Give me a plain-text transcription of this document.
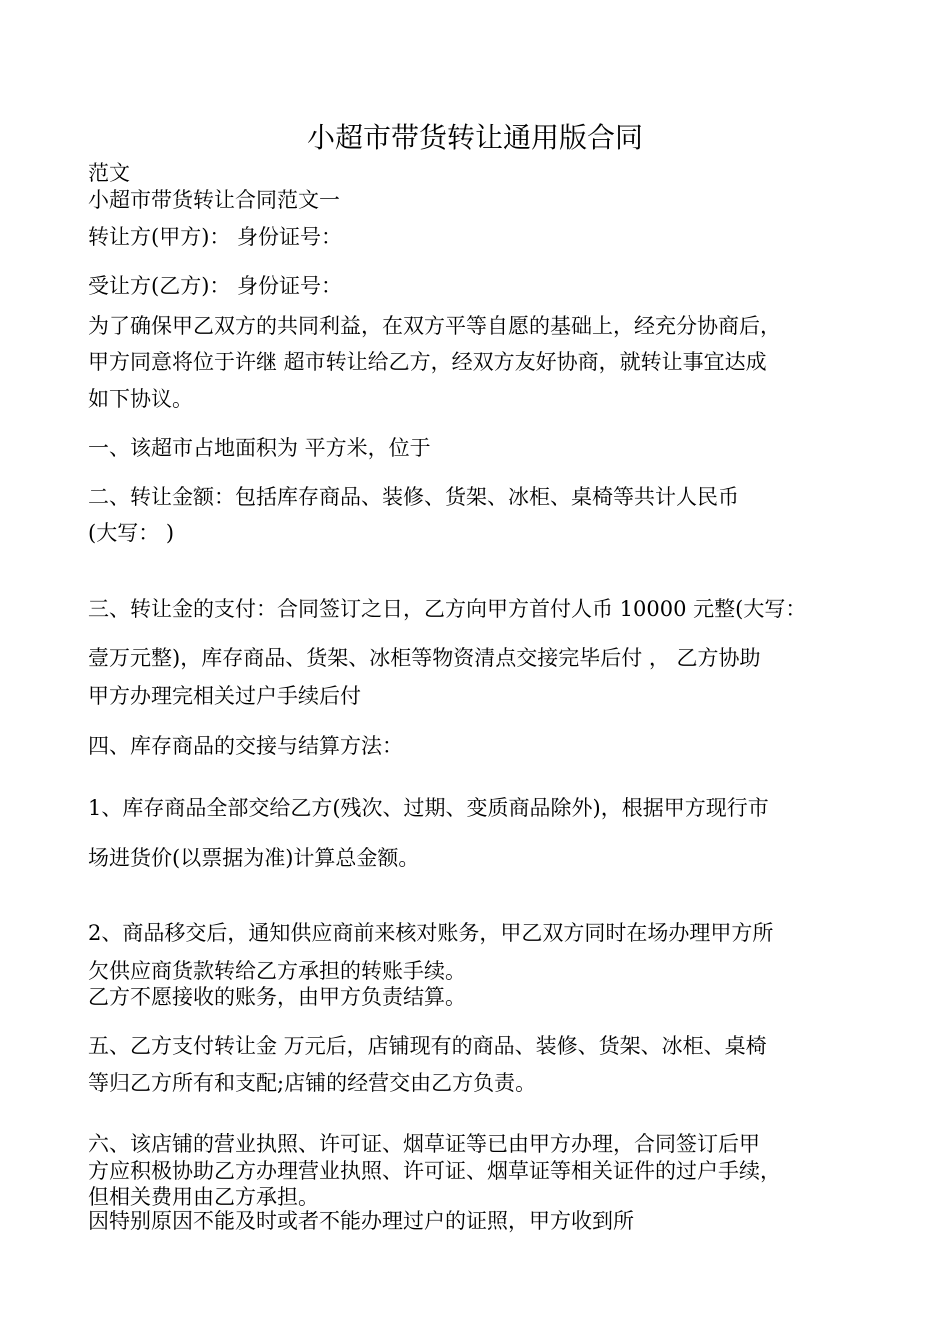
小超市带货转让通用版合同
范文
小超市带货转让合同范文一
转让方(甲方)： 身份证号：
受让方(乙方)： 身份证号：
为了确保甲乙双方的共同利益，在双方平等自愿的基础上，经充分协商后，
甲方同意将位于许继 超市转让给乙方，经双方友好协商，就转让事宜达成
如下协议。
一、该超市占地面积为 平方米，位于
二、转让金额：包括库存商品、装修、货架、冰柜、桌椅等共计人民币
(大写： )
三、转让金的支付：合同签订之日，乙方向甲方首付人币 10000 元整(大写：
壹万元整)，库存商品、货架、冰柜等物资清点交接完毕后付 ， 乙方协助
甲方办理完相关过户手续后付
四、库存商品的交接与结算方法：
1、库存商品全部交给乙方(残次、过期、变质商品除外)，根据甲方现行市
场进货价(以票据为准)计算总金额。
2、商品移交后，通知供应商前来核对账务，甲乙双方同时在场办理甲方所
欠供应商货款转给乙方承担的转账手续。
乙方不愿接收的账务，由甲方负责结算。
五、乙方支付转让金 万元后，店铺现有的商品、装修、货架、冰柜、桌椅
等归乙方所有和支配;店铺的经营交由乙方负责。
六、该店铺的营业执照、许可证、烟草证等已由甲方办理，合同签订后甲
方应积极协助乙方办理营业执照、许可证、烟草证等相关证件的过户手续，
但相关费用由乙方承担。
因特别原因不能及时或者不能办理过户的证照，甲方收到所
